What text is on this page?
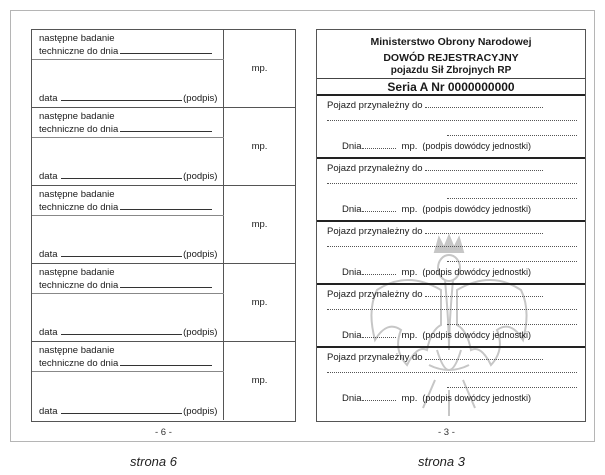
następne badanie
techniczne do dnia
data	(podpis)
mp.
następne badanie
techniczne do dnia
data	(podpis)
mp.
następne badanie
techniczne do dnia
data	(podpis)
mp.
następne badanie
techniczne do dnia
data	(podpis)
mp.
następne badanie
techniczne do dnia
data	(podpis)
mp.
Ministerstwo Obrony Narodowej
DOWÓD REJESTRACYJNY
pojazdu Sił Zbrojnych RP
Seria A Nr 0000000000
Pojazd przynależny do
Dnia	mp. (podpis dowódcy jednostki)
Pojazd przynależny do
Dnia	mp. (podpis dowódcy jednostki)
Pojazd przynależny do
Dnia	mp. (podpis dowódcy jednostki)
Pojazd przynależny do
Dnia	mp. (podpis dowódcy jednostki)
Pojazd przynależny do
Dnia	mp. (podpis dowódcy jednostki)
- 6 -	- 3 -
strona 6	strona 3
